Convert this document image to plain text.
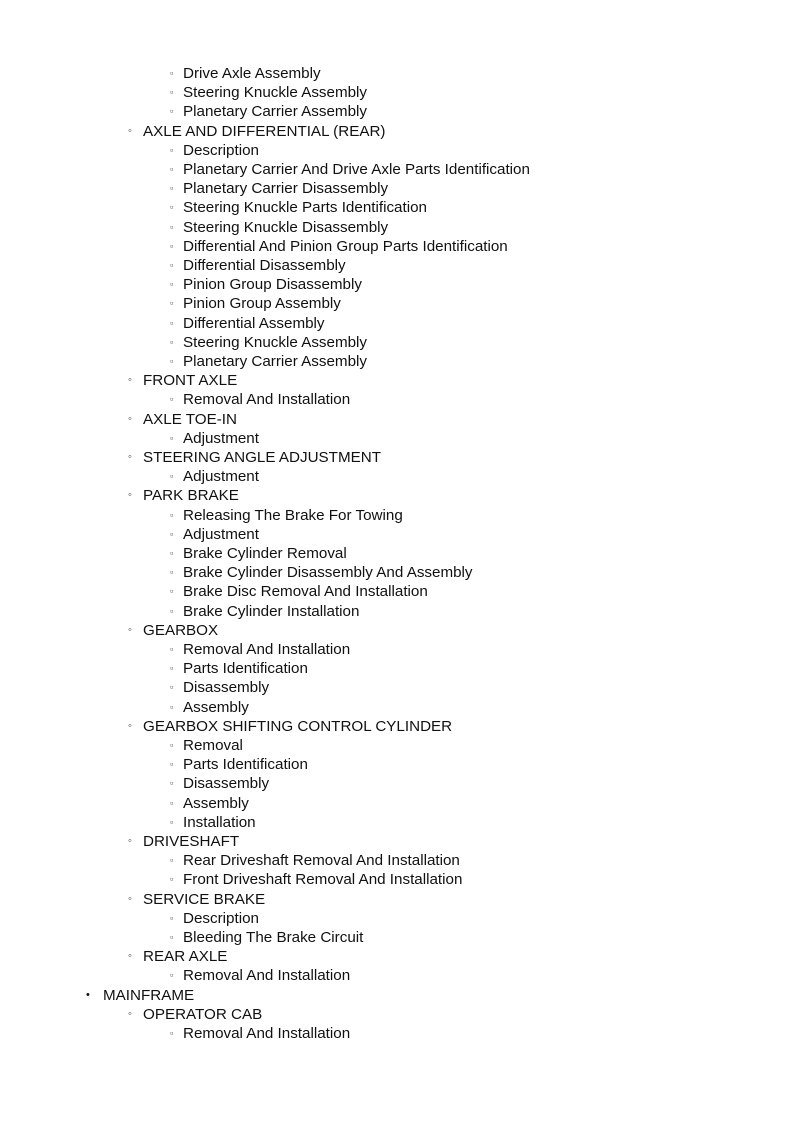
▫ Drive Axle Assembly
▫ Steering Knuckle Assembly
▫ Planetary Carrier Assembly
◦ AXLE AND DIFFERENTIAL (REAR)
▫ Description
▫ Planetary Carrier And Drive Axle Parts Identification
▫ Planetary Carrier Disassembly
▫ Steering Knuckle Parts Identification
▫ Steering Knuckle Disassembly
▫ Differential And Pinion Group Parts Identification
▫ Differential Disassembly
▫ Pinion Group Disassembly
▫ Pinion Group Assembly
▫ Differential Assembly
▫ Steering Knuckle Assembly
▫ Planetary Carrier Assembly
◦ FRONT AXLE
▫ Removal And Installation
◦ AXLE TOE-IN
▫ Adjustment
◦ STEERING ANGLE ADJUSTMENT
▫ Adjustment
◦ PARK BRAKE
▫ Releasing The Brake For Towing
▫ Adjustment
▫ Brake Cylinder Removal
▫ Brake Cylinder Disassembly And Assembly
▫ Brake Disc Removal And Installation
▫ Brake Cylinder Installation
◦ GEARBOX
▫ Removal And Installation
▫ Parts Identification
▫ Disassembly
▫ Assembly
◦ GEARBOX SHIFTING CONTROL CYLINDER
▫ Removal
▫ Parts Identification
▫ Disassembly
▫ Assembly
▫ Installation
◦ DRIVESHAFT
▫ Rear Driveshaft Removal And Installation
▫ Front Driveshaft Removal And Installation
◦ SERVICE BRAKE
▫ Description
▫ Bleeding The Brake Circuit
◦ REAR AXLE
▫ Removal And Installation
• MAINFRAME
◦ OPERATOR CAB
▫ Removal And Installation
